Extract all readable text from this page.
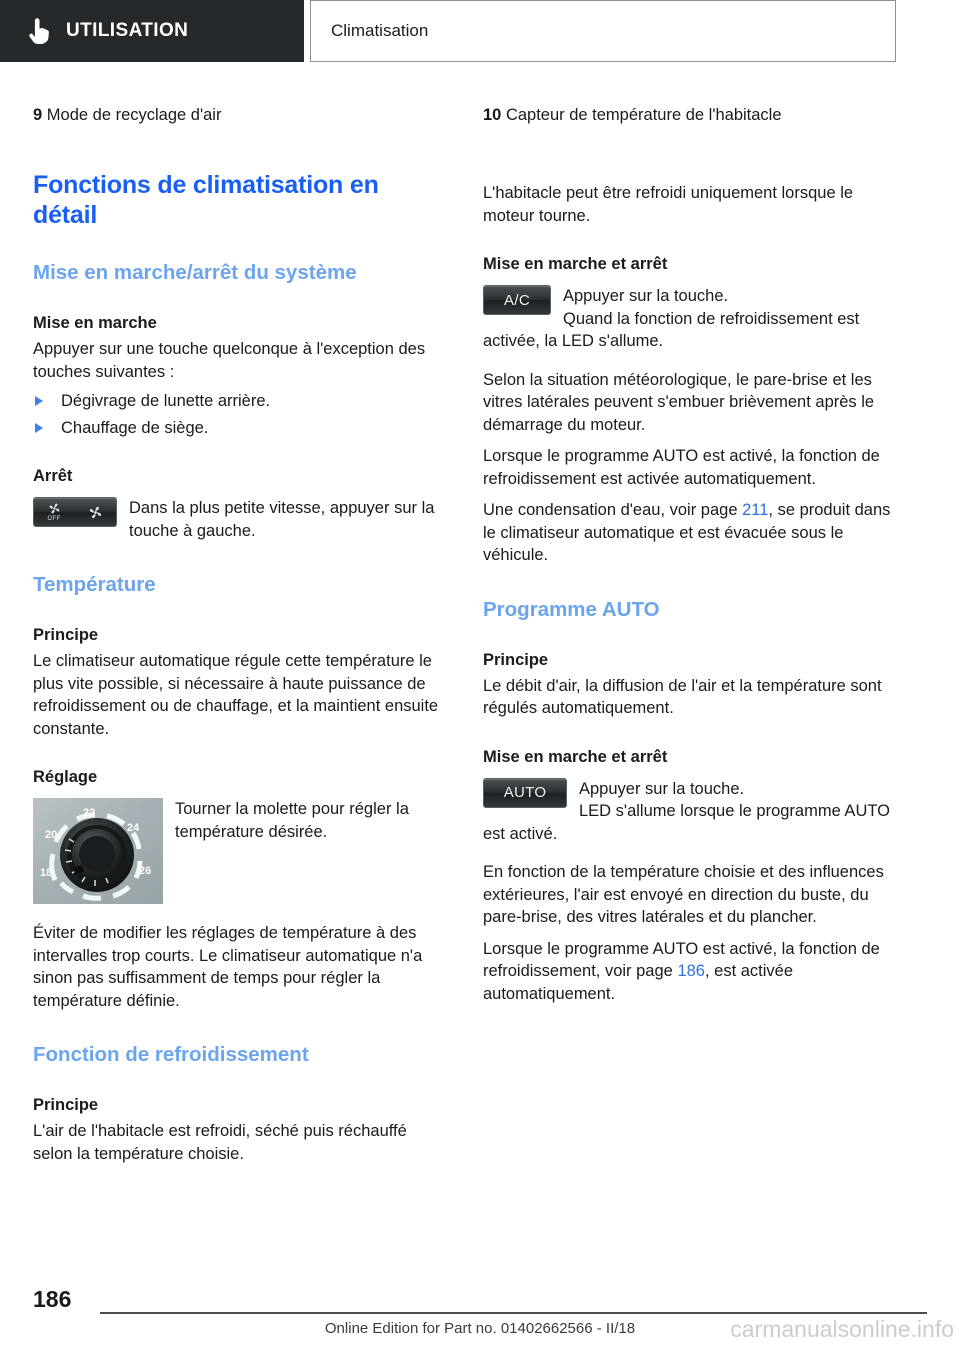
UTILISATION	Climatisation
9 Mode de recyclage d'air
Fonctions de climatisation en détail
Mise en marche/arrêt du système
Mise en marche

Appuyer sur une touche quelconque à l'exception des touches suivantes :

Dégivrage de lunette arrière.
Chauffage de siège.
Arrêt
OFF
Dans la plus petite vitesse, appuyer sur la touche à gauche.
Température
Principe

Le climatiseur automatique régule cette température le plus vite possible, si nécessaire à haute puissance de refroidissement ou de chauffage, et la maintient ensuite constante.

Réglage
18
20
22
24
26
Tourner la molette pour régler la température désirée.

Éviter de modifier les réglages de température à des intervalles trop courts. Le climatiseur automatique n'a sinon pas suffisamment de temps pour régler la température définie.

Fonction de refroidissement
Principe

L'air de l'habitacle est refroidi, séché puis réchauffé selon la température choisie.

10 Capteur de température de l'habitacle

L'habitacle peut être refroidi uniquement lorsque le moteur tourne.

Mise en marche et arrêt
A/C	Appuyer sur la touche.
Quand la fonction de refroidissement est activée, la LED s'allume.

Selon la situation météorologique, le pare-brise et les vitres latérales peuvent s'embuer brièvement après le démarrage du moteur.

Lorsque le programme AUTO est activé, la fonction de refroidissement est activée automatiquement.

Une condensation d'eau, voir page 211, se produit dans le climatiseur automatique et est évacuée sous le véhicule.

Programme AUTO
Principe

Le débit d'air, la diffusion de l'air et la température sont régulés automatiquement.

Mise en marche et arrêt
AUTO	Appuyer sur la touche.
LED s'allume lorsque le programme AUTO est activé.

En fonction de la température choisie et des influences extérieures, l'air est envoyé en direction du buste, du pare-brise, des vitres latérales et du plancher.

Lorsque le programme AUTO est activé, la fonction de refroidissement, voir page 186, est activée automatiquement.

186
Online Edition for Part no. 01402662566 - II/18	carmanualsonline.info
